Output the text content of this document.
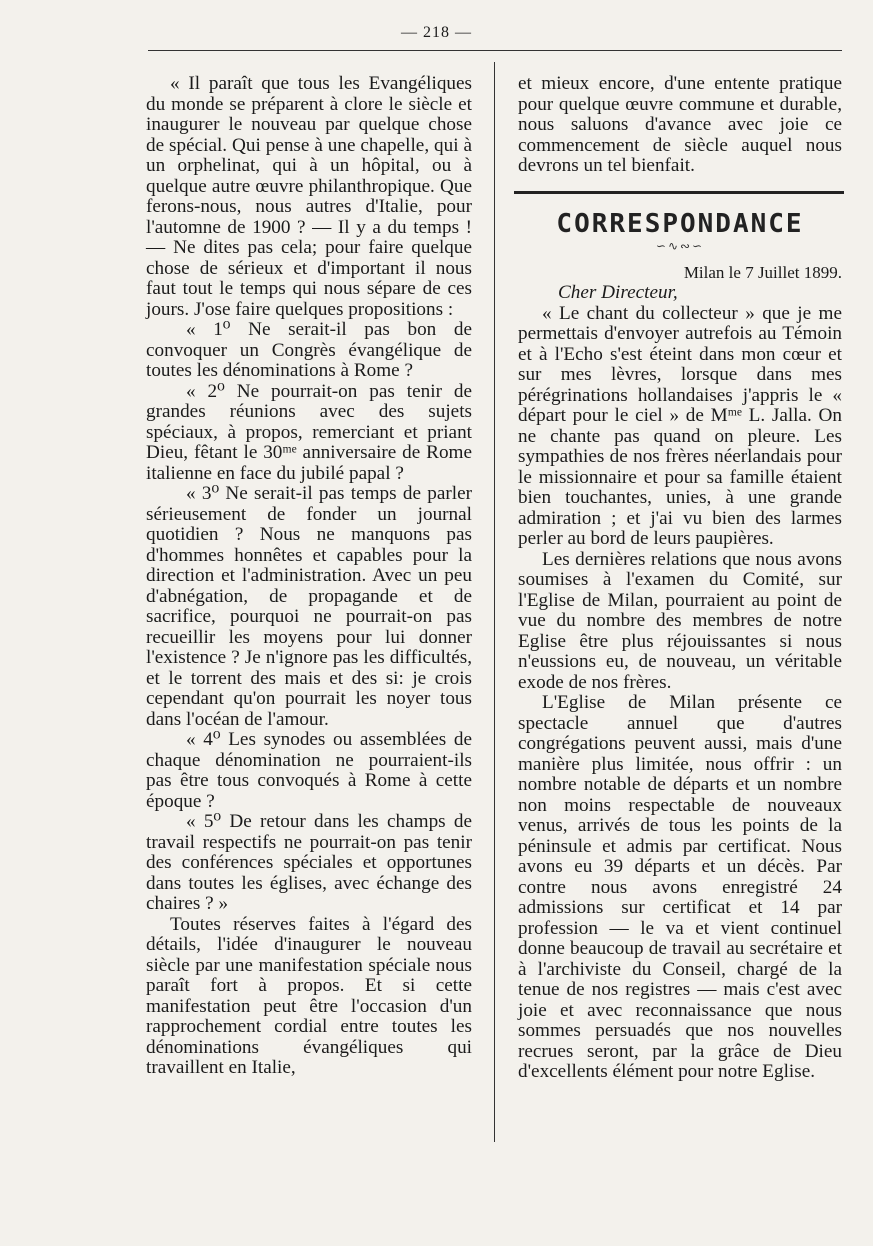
— 218 —

« Il paraît que tous les Evangéliques du monde se préparent à clore le siècle et inaugurer le nouveau par quelque chose de spécial. Qui pense à une chapelle, qui à un orphelinat, qui à un hôpital, ou à quelque autre œuvre philanthropique. Que ferons-nous, nous autres d'Italie, pour l'automne de 1900 ? — Il y a du temps ! — Ne dites pas cela; pour faire quelque chose de sérieux et d'important il nous faut tout le temps qui nous sépare de ces jours. J'ose faire quelques propositions :

« 1⁰ Ne serait-il pas bon de convoquer un Congrès évangélique de toutes les dénominations à Rome ?

« 2⁰ Ne pourrait-on pas tenir de grandes réunions avec des sujets spéciaux, à propos, remerciant et priant Dieu, fêtant le 30ᵐᵉ anniversaire de Rome italienne en face du jubilé papal ?

« 3⁰ Ne serait-il pas temps de parler sérieusement de fonder un journal quotidien ? Nous ne manquons pas d'hommes honnêtes et capables pour la direction et l'administration. Avec un peu d'abnégation, de propagande et de sacrifice, pourquoi ne pourrait-on pas recueillir les moyens pour lui donner l'existence ? Je n'ignore pas les difficultés, et le torrent des mais et des si: je crois cependant qu'on pourrait les noyer tous dans l'océan de l'amour.

« 4⁰ Les synodes ou assemblées de chaque dénomination ne pourraient-ils pas être tous convoqués à Rome à cette époque ?

« 5⁰ De retour dans les champs de travail respectifs ne pourrait-on pas tenir des conférences spéciales et opportunes dans toutes les églises, avec échange des chaires ? »

Toutes réserves faites à l'égard des détails, l'idée d'inaugurer le nouveau siècle par une manifestation spéciale nous paraît fort à propos. Et si cette manifestation peut être l'occasion d'un rapprochement cordial entre toutes les dénominations évangéliques qui travaillent en Italie,

et mieux encore, d'une entente pratique pour quelque œuvre commune et durable, nous saluons d'avance avec joie ce commencement de siècle auquel nous devrons un tel bienfait.

CORRESPONDANCE
∽∿∾∽
Milan le 7 Juillet 1899.
Cher Directeur,

« Le chant du collecteur » que je me permettais d'envoyer autrefois au Témoin et à l'Echo s'est éteint dans mon cœur et sur mes lèvres, lorsque dans mes pérégrinations hollandaises j'appris le « départ pour le ciel » de Mᵐᵉ L. Jalla. On ne chante pas quand on pleure. Les sympathies de nos frères néerlandais pour le missionnaire et pour sa famille étaient bien touchantes, unies, à une grande admiration ; et j'ai vu bien des larmes perler au bord de leurs paupières.

Les dernières relations que nous avons soumises à l'examen du Comité, sur l'Eglise de Milan, pourraient au point de vue du nombre des membres de notre Eglise être plus réjouissantes si nous n'eussions eu, de nouveau, un véritable exode de nos frères.

L'Eglise de Milan présente ce spectacle annuel que d'autres congrégations peuvent aussi, mais d'une manière plus limitée, nous offrir : un nombre notable de départs et un nombre non moins respectable de nouveaux venus, arrivés de tous les points de la péninsule et admis par certificat. Nous avons eu 39 départs et un décès. Par contre nous avons enregistré 24 admissions sur certificat et 14 par profession — le va et vient continuel donne beaucoup de travail au secrétaire et à l'archiviste du Conseil, chargé de la tenue de nos registres — mais c'est avec joie et avec reconnaissance que nous sommes persuadés que nos nouvelles recrues seront, par la grâce de Dieu d'excellents élément pour notre Eglise.
